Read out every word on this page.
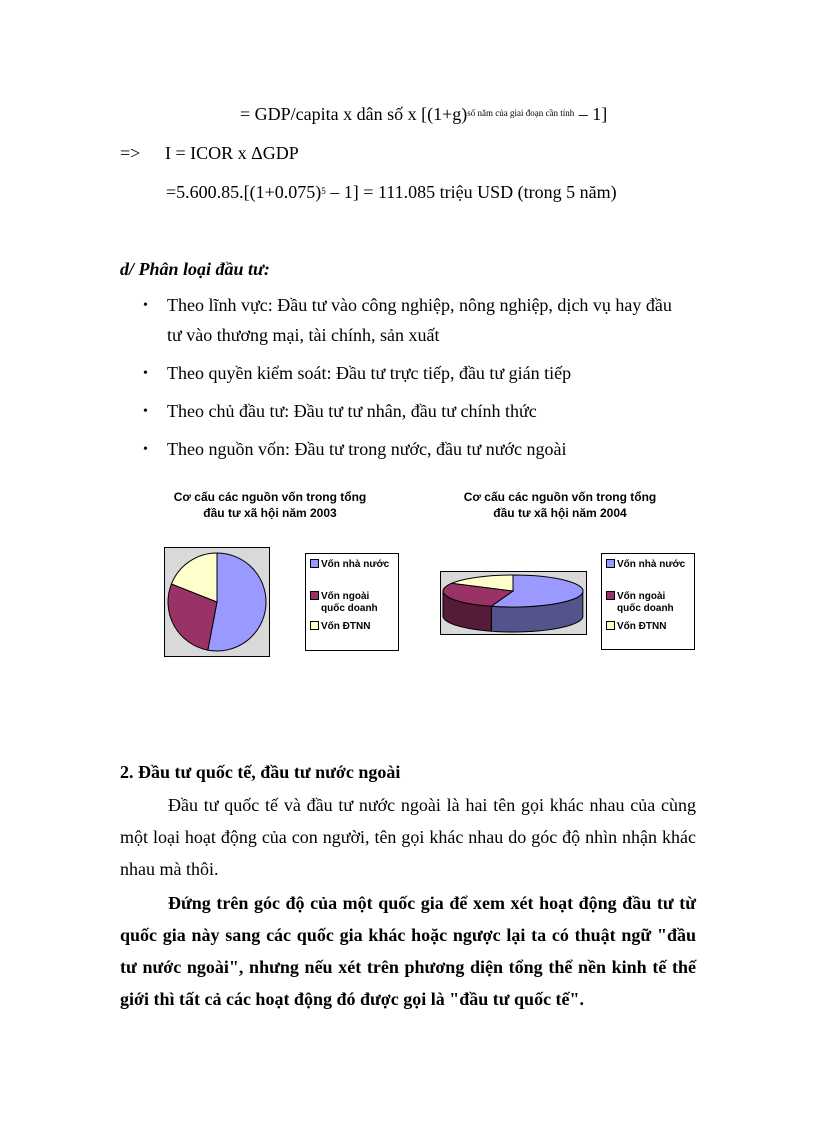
= GDP/capita x dân số x $[(1+g)^{số năm của giai đoạn cần tính} - 1]$
=> I = ICOR x ΔGDP
$=5.600.85.[(1+0.075)^5 - 1] = 111.085$ triệu USD (trong 5 năm)
d/ Phân loại đầu tư:
• Theo lĩnh vực: Đầu tư vào công nghiệp, nông nghiệp, dịch vụ hay đầu
tư vào thương mại, tài chính, sản xuất
• Theo quyền kiểm soát: Đầu tư trực tiếp, đầu tư gián tiếp
• Theo chủ đầu tư: Đầu tư tư nhân, đầu tư chính thức
• Theo nguồn vốn: Đầu tư trong nước, đầu tư nước ngoài
Cơ cấu các nguồn vốn trong tổng
đầu tư xã hội năm 2003
Vốn nhà nước
Vốn ngoài
quốc doanh
Vốn ĐTNN
Cơ cấu các nguồn vốn trong tổng
đầu tư xã hội năm 2004
Vốn nhà nước
Vốn ngoài
quốc doanh
Vốn ĐTNN
2. Đầu tư quốc tế, đầu tư nước ngoài
Đầu tư quốc tế và đầu tư nước ngoài là hai tên gọi khác nhau của cùng một loại hoạt động của con người, tên gọi khác nhau do góc độ nhìn nhận khác nhau mà thôi.
Đứng trên góc độ của một quốc gia để xem xét hoạt động đầu tư từ quốc gia này sang các quốc gia khác hoặc ngược lại ta có thuật ngữ "đầu tư nước ngoài", nhưng nếu xét trên phương diện tổng thể nền kinh tế thế giới thì tất cả các hoạt động đó được gọi là "đầu tư quốc tế".
